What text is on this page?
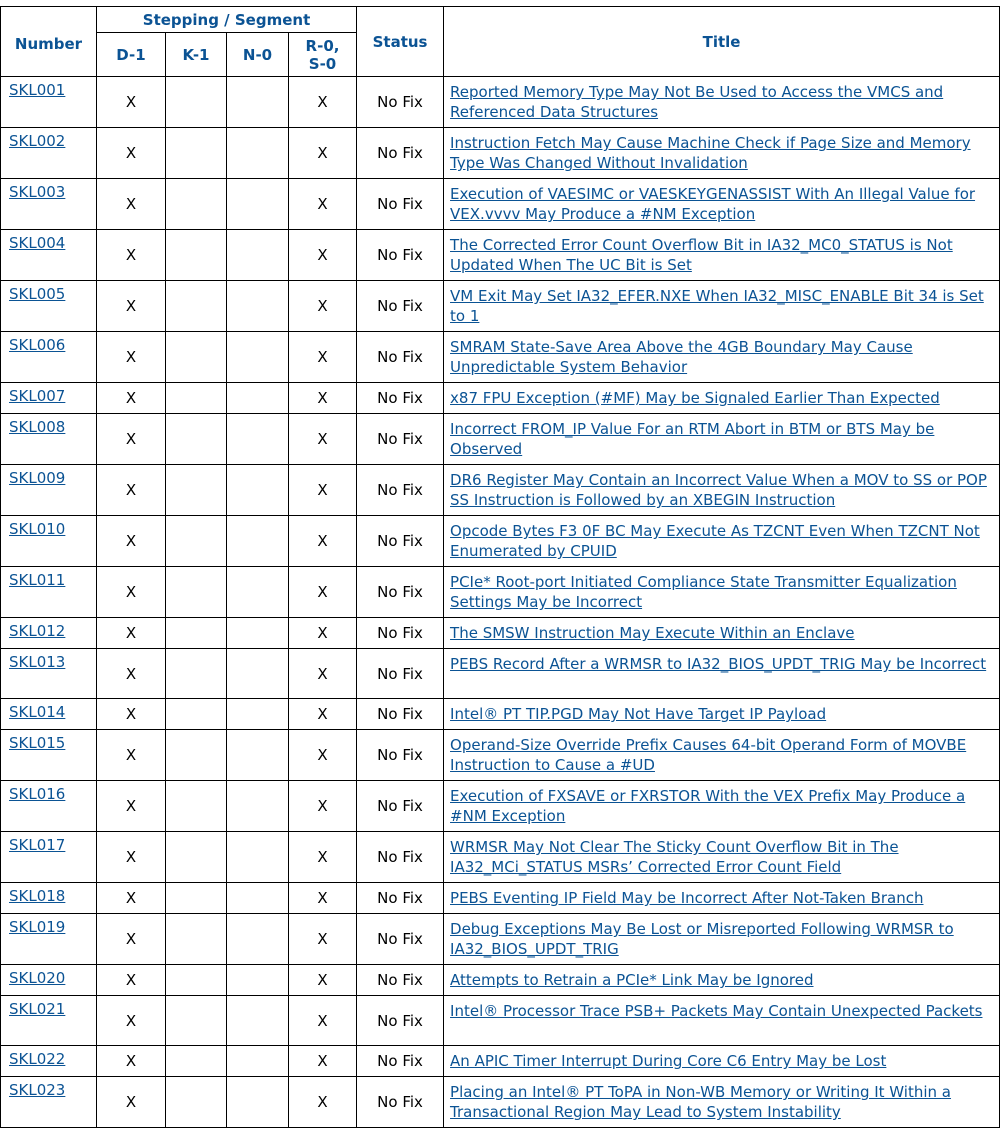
Number	Stepping / Segment				Status	Title
	D-1	K-1	N-0	R-0,
S-0		
SKL001	X			X	No Fix	Reported Memory Type May Not Be Used to Access the VMCS and Referenced Data Structures
SKL002	X			X	No Fix	Instruction Fetch May Cause Machine Check if Page Size and Memory Type Was Changed Without Invalidation
SKL003	X			X	No Fix	Execution of VAESIMC or VAESKEYGENASSIST With An Illegal Value for VEX.vvvv May Produce a #NM Exception
SKL004	X			X	No Fix	The Corrected Error Count Overflow Bit in IA32_MC0_STATUS is Not Updated When The UC Bit is Set
SKL005	X			X	No Fix	VM Exit May Set IA32_EFER.NXE When IA32_MISC_ENABLE Bit 34 is Set to 1
SKL006	X			X	No Fix	SMRAM State-Save Area Above the 4GB Boundary May Cause Unpredictable System Behavior
SKL007	X			X	No Fix	x87 FPU Exception (#MF) May be Signaled Earlier Than Expected
SKL008	X			X	No Fix	Incorrect FROM_IP Value For an RTM Abort in BTM or BTS May be Observed
SKL009	X			X	No Fix	DR6 Register May Contain an Incorrect Value When a MOV to SS or POP SS Instruction is Followed by an XBEGIN Instruction
SKL010	X			X	No Fix	Opcode Bytes F3 0F BC May Execute As TZCNT Even When TZCNT Not Enumerated by CPUID
SKL011	X			X	No Fix	PCIe* Root-port Initiated Compliance State Transmitter Equalization Settings May be Incorrect
SKL012	X			X	No Fix	The SMSW Instruction May Execute Within an Enclave
SKL013	X			X	No Fix	PEBS Record After a WRMSR to IA32_BIOS_UPDT_TRIG May be Incorrect
SKL014	X			X	No Fix	Intel® PT TIP.PGD May Not Have Target IP Payload
SKL015	X			X	No Fix	Operand-Size Override Prefix Causes 64-bit Operand Form of MOVBE Instruction to Cause a #UD
SKL016	X			X	No Fix	Execution of FXSAVE or FXRSTOR With the VEX Prefix May Produce a #NM Exception
SKL017	X			X	No Fix	WRMSR May Not Clear The Sticky Count Overflow Bit in The IA32_MCi_STATUS MSRs’ Corrected Error Count Field
SKL018	X			X	No Fix	PEBS Eventing IP Field May be Incorrect After Not-Taken Branch
SKL019	X			X	No Fix	Debug Exceptions May Be Lost or Misreported Following WRMSR to IA32_BIOS_UPDT_TRIG
SKL020	X			X	No Fix	Attempts to Retrain a PCIe* Link May be Ignored
SKL021	X			X	No Fix	Intel® Processor Trace PSB+ Packets May Contain Unexpected Packets
SKL022	X			X	No Fix	An APIC Timer Interrupt During Core C6 Entry May be Lost
SKL023	X			X	No Fix	Placing an Intel® PT ToPA in Non-WB Memory or Writing It Within a Transactional Region May Lead to System Instability
